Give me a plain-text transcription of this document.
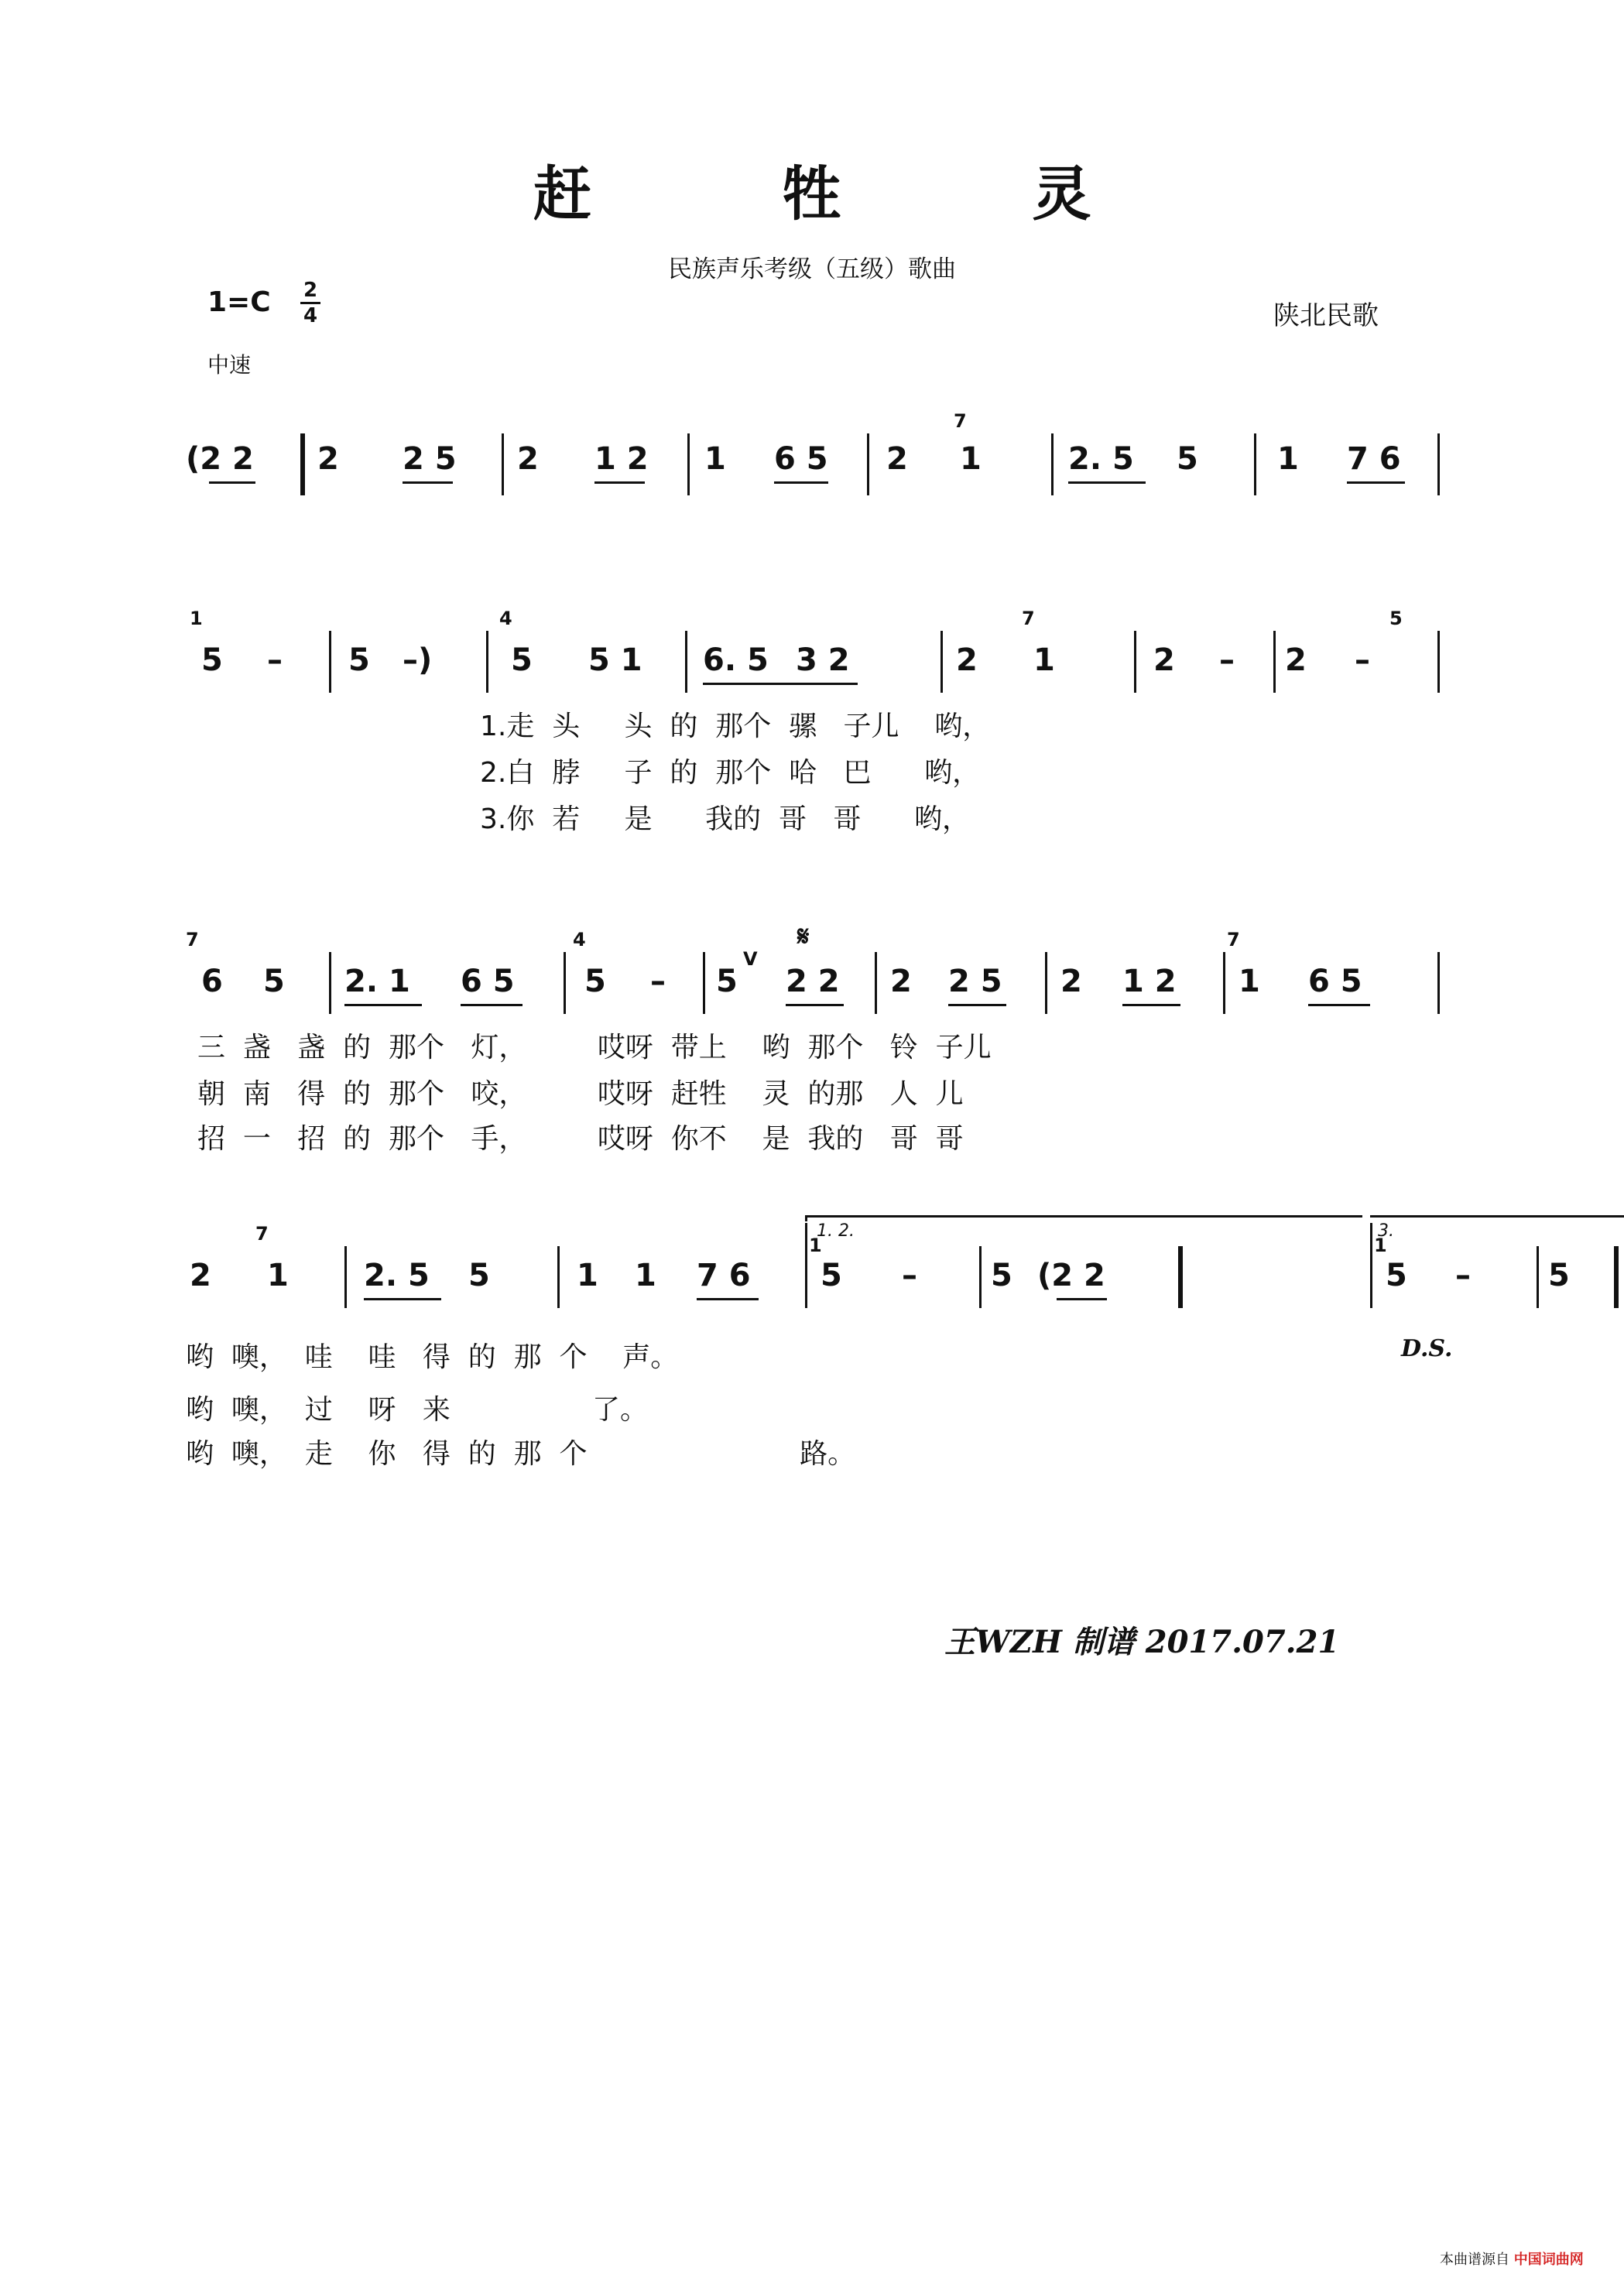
赶 牲 灵
民族声乐考级（五级）歌曲
1=C 2
4	陕北民歌
中速
(2 2 2 2 5 2 1 2 1 6 5 2
7
1	2. 5 5	1 7 6
1
5 – 5 –)
4
5 5 1 6. 5 3 2	2
7
1	2 – 2 –
5
1.走  头     头  的  那个  骡   子儿    哟，
2.白  脖     子  的  那个  哈   巴      哟，
3.你  若     是      我的  哥   哥      哟，
7
6 5 2. 1 6 5
4
5 – 5
V
𝄋
2 2 2 2 5 2 1 2
7
1 6 5
三  盏   盏  的  那个   灯，        哎呀  带上    哟  那个   铃  子儿
朝  南   得  的  那个   咬，        哎呀  赶牲    灵  的那   人  儿
招  一   招  的  那个   手，        哎呀  你不    是  我的   哥  哥
1. 2.	3.
2
7
1 2. 5 5	1 1 7 6
1
5 – 5 (2 2
1
5 –	5
哟  噢，  哇    哇   得  的  那  个    声。
哟  噢，  过    呀   来                了。
哟  噢，  走    你   得  的  那  个                        路。
D.S.
王WZH 制谱 2017.07.21
本曲谱源自 中国词曲网
